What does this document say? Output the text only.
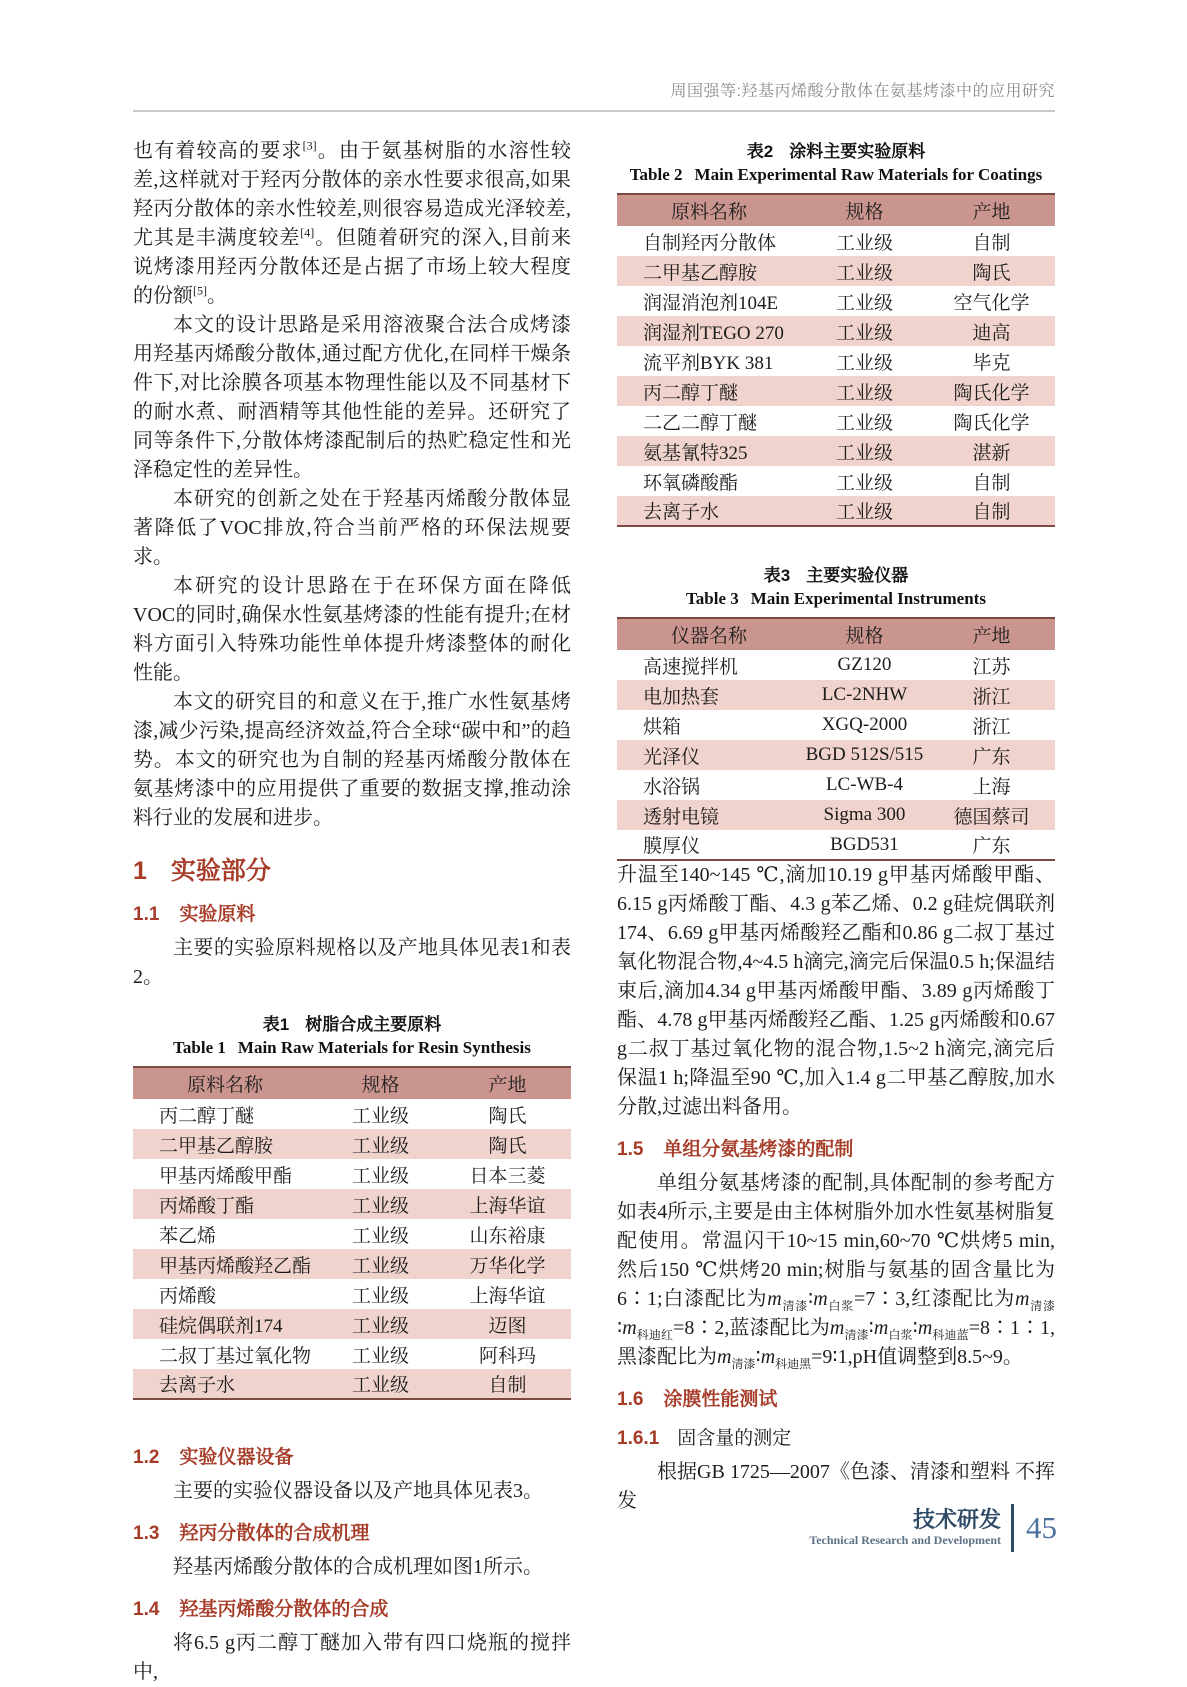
周国强等:羟基丙烯酸分散体在氨基烤漆中的应用研究

也有着较高的要求[3]。由于氨基树脂的水溶性较差,这样就对于羟丙分散体的亲水性要求很高,如果羟丙分散体的亲水性较差,则很容易造成光泽较差,尤其是丰满度较差[4]。但随着研究的深入,目前来说烤漆用羟丙分散体还是占据了市场上较大程度的份额[5]。

本文的设计思路是采用溶液聚合法合成烤漆用羟基丙烯酸分散体,通过配方优化,在同样干燥条件下,对比涂膜各项基本物理性能以及不同基材下的耐水煮、耐酒精等其他性能的差异。还研究了同等条件下,分散体烤漆配制后的热贮稳定性和光泽稳定性的差异性。

本研究的创新之处在于羟基丙烯酸分散体显著降低了VOC排放,符合当前严格的环保法规要求。

本研究的设计思路在于在环保方面在降低VOC的同时,确保水性氨基烤漆的性能有提升;在材料方面引入特殊功能性单体提升烤漆整体的耐化性能。

本文的研究目的和意义在于,推广水性氨基烤漆,减少污染,提高经济效益,符合全球“碳中和”的趋势。本文的研究也为自制的羟基丙烯酸分散体在氨基烤漆中的应用提供了重要的数据支撑,推动涂料行业的发展和进步。

1 实验部分
1.1 实验原料

主要的实验原料规格以及产地具体见表1和表2。

表1 树脂合成主要原料
Table 1 Main Raw Materials for Resin Synthesis
原料名称	规格	产地
丙二醇丁醚	工业级	陶氏
二甲基乙醇胺	工业级	陶氏
甲基丙烯酸甲酯	工业级	日本三菱
丙烯酸丁酯	工业级	上海华谊
苯乙烯	工业级	山东裕康
甲基丙烯酸羟乙酯	工业级	万华化学
丙烯酸	工业级	上海华谊
硅烷偶联剂174	工业级	迈图
二叔丁基过氧化物	工业级	阿科玛
去离子水	工业级	自制
1.2 实验仪器设备

主要的实验仪器设备以及产地具体见表3。

1.3 羟丙分散体的合成机理

羟基丙烯酸分散体的合成机理如图1所示。

1.4 羟基丙烯酸分散体的合成

将6.5 g丙二醇丁醚加入带有四口烧瓶的搅拌中,

表2 涂料主要实验原料
Table 2 Main Experimental Raw Materials for Coatings
原料名称	规格	产地
自制羟丙分散体	工业级	自制
二甲基乙醇胺	工业级	陶氏
润湿消泡剂104E	工业级	空气化学
润湿剂TEGO 270	工业级	迪高
流平剂BYK 381	工业级	毕克
丙二醇丁醚	工业级	陶氏化学
二乙二醇丁醚	工业级	陶氏化学
氨基氰特325	工业级	湛新
环氧磷酸酯	工业级	自制
去离子水	工业级	自制
表3 主要实验仪器
Table 3 Main Experimental Instruments
仪器名称	规格	产地
高速搅拌机	GZ120	江苏
电加热套	LC-2NHW	浙江
烘箱	XGQ-2000	浙江
光泽仪	BGD 512S/515	广东
水浴锅	LC-WB-4	上海
透射电镜	Sigma 300	德国蔡司
膜厚仪	BGD531	广东

升温至140~145 ℃,滴加10.19 g甲基丙烯酸甲酯、6.15 g丙烯酸丁酯、4.3 g苯乙烯、0.2 g硅烷偶联剂174、6.69 g甲基丙烯酸羟乙酯和0.86 g二叔丁基过氧化物混合物,4~4.5 h滴完,滴完后保温0.5 h;保温结束后,滴加4.34 g甲基丙烯酸甲酯、3.89 g丙烯酸丁酯、4.78 g甲基丙烯酸羟乙酯、1.25 g丙烯酸和0.67 g二叔丁基过氧化物的混合物,1.5~2 h滴完,滴完后保温1 h;降温至90 ℃,加入1.4 g二甲基乙醇胺,加水分散,过滤出料备用。

1.5 单组分氨基烤漆的配制

单组分氨基烤漆的配制,具体配制的参考配方如表4所示,主要是由主体树脂外加水性氨基树脂复配使用。常温闪干10~15 min,60~70 ℃烘烤5 min,然后150 ℃烘烤20 min;树脂与氨基的固含量比为6∶1;白漆配比为$m_{清漆}∶m_{白浆}=7∶3$,红漆配比为$m_{清漆}∶m_{科迪红}=8∶2$,蓝漆配比为$m_{清漆}∶m_{白浆}∶m_{科迪蓝}=8∶1∶1$,黑漆配比为$m_{清漆}∶m_{科迪黑}=9∶1,pH$值调整到8.5~9。

1.6 涂膜性能测试
1.6.1 固含量的测定

根据GB 1725—2007《色漆、清漆和塑料 不挥发

技术研发
Technical Research and Development 45
